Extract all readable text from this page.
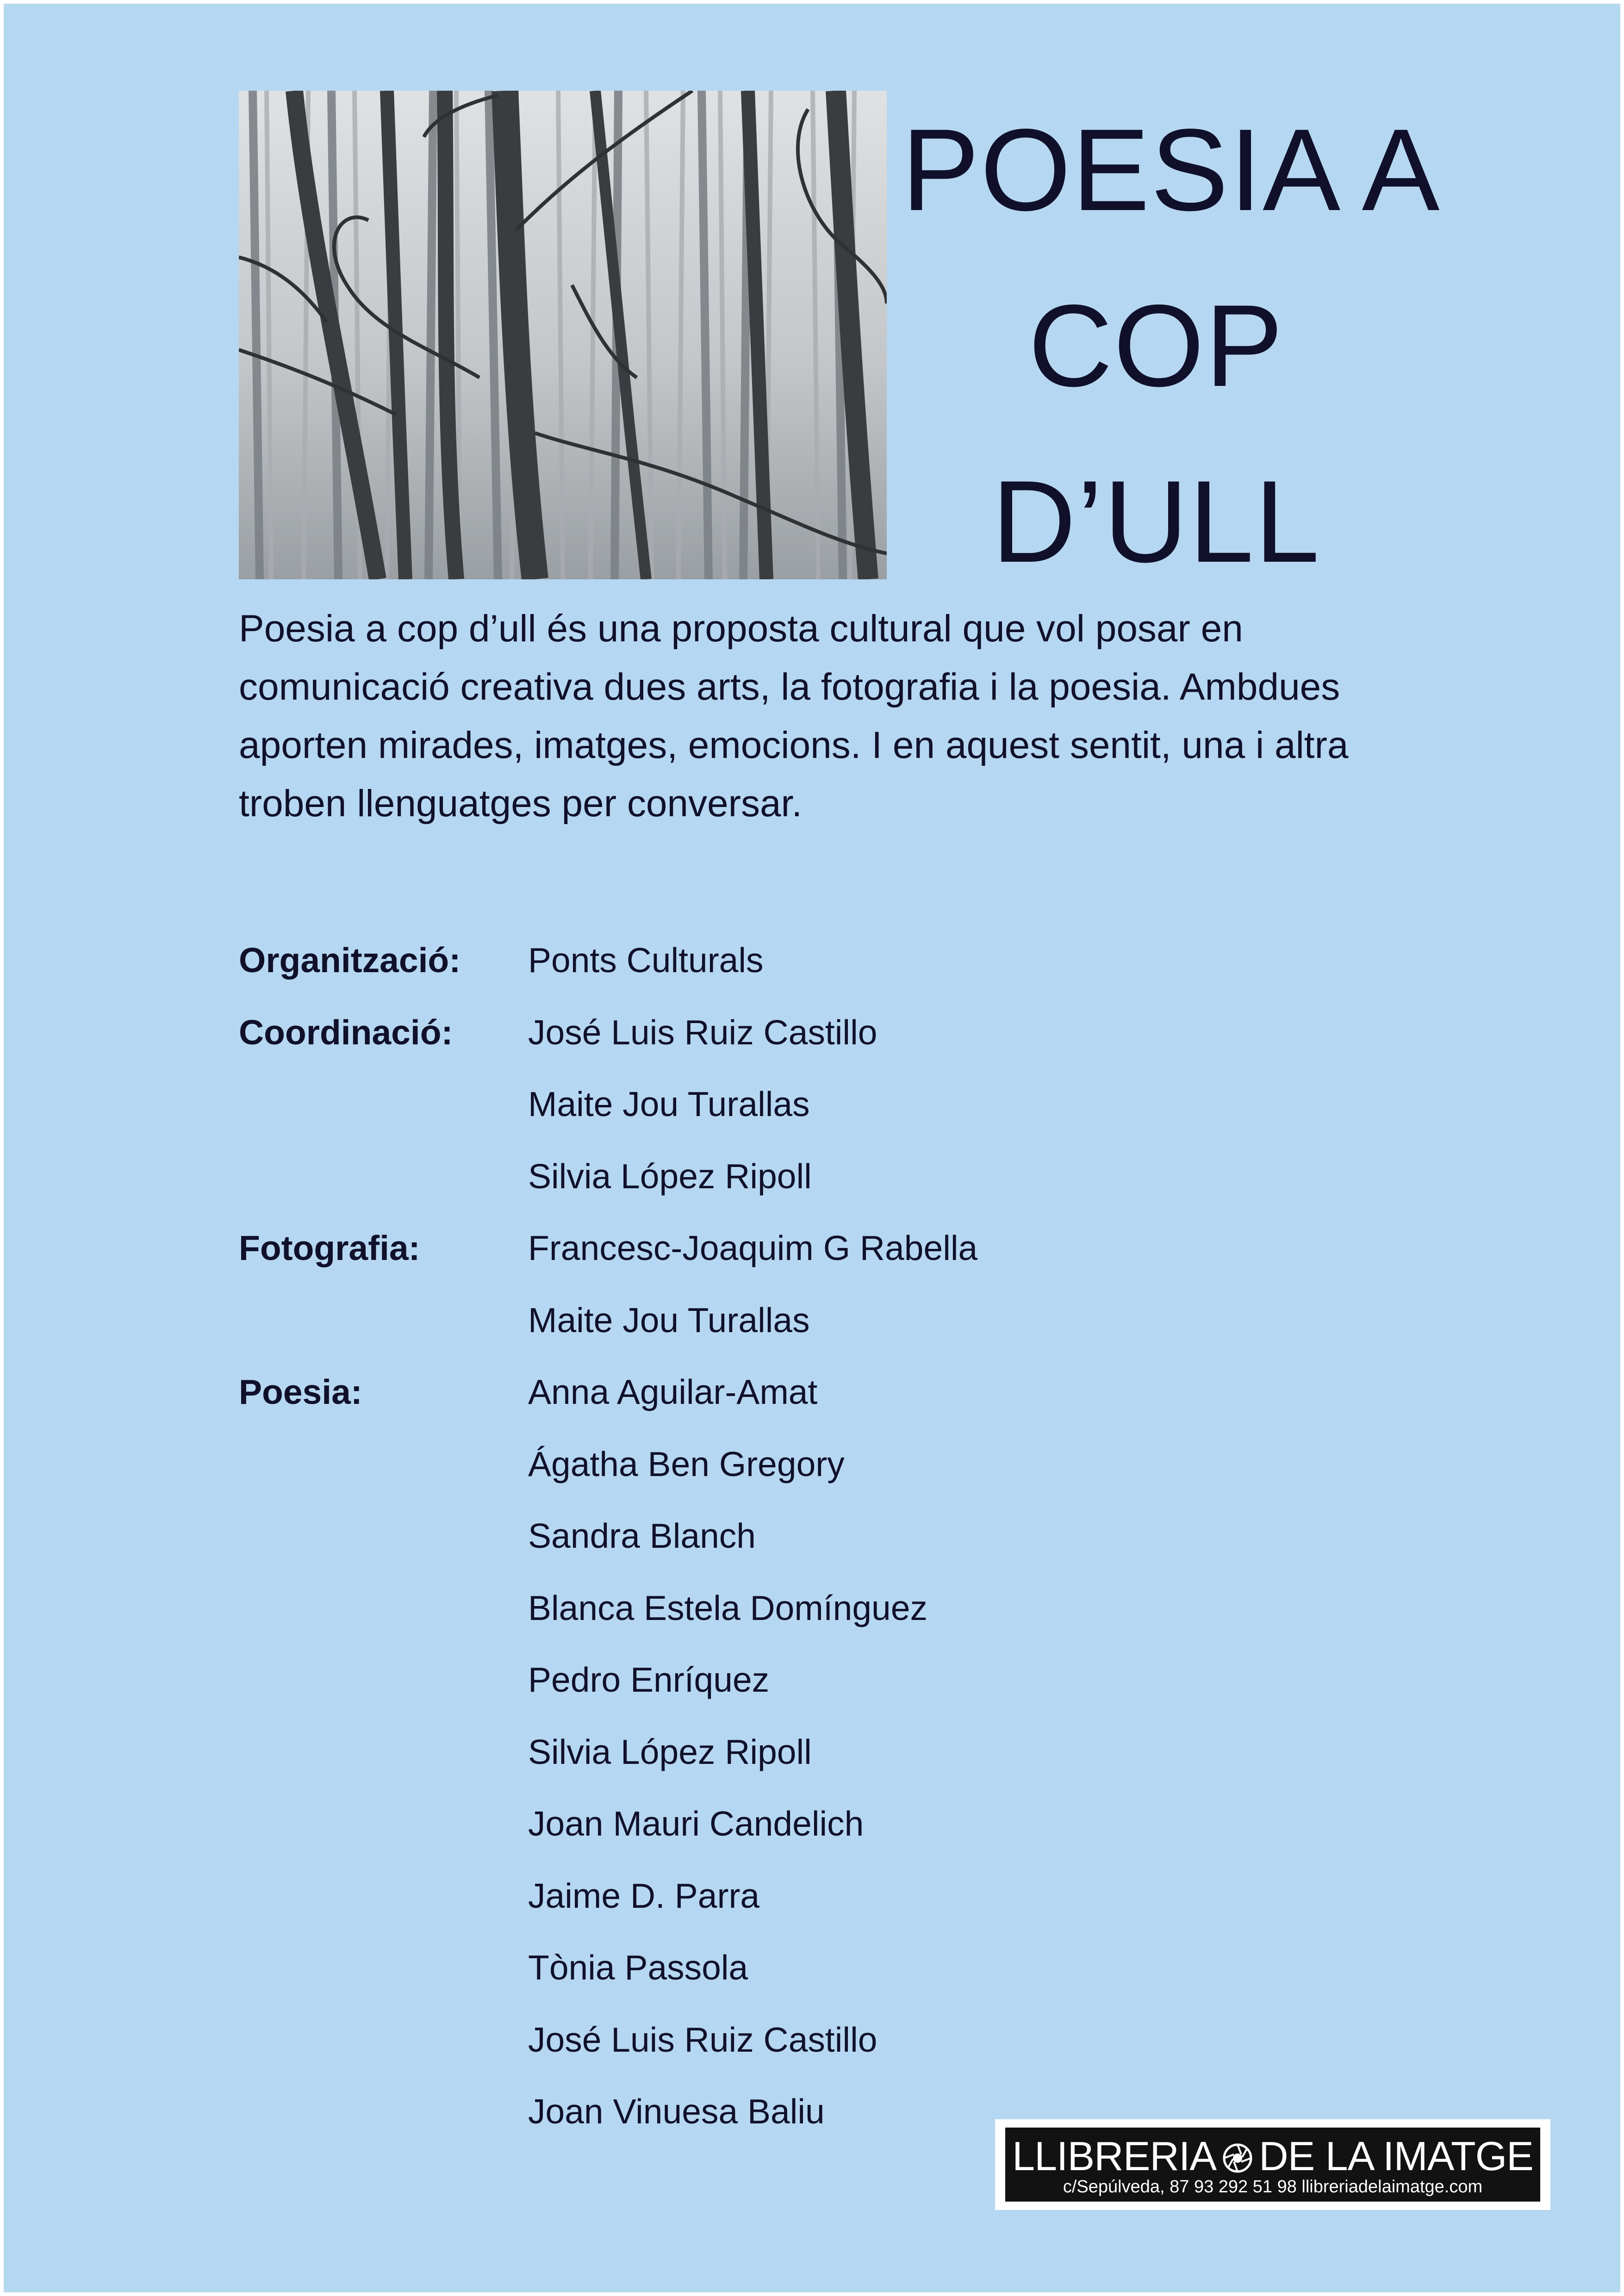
POESIA A
COP
D’ULL
Poesia a cop d’ull és una proposta cultural que vol posar en comunicació creativa dues arts, la fotografia i la poesia. Ambdues aporten mirades, imatges, emocions. I en aquest sentit, una i altra troben llenguatges per conversar.
Organització: Ponts Culturals
Coordinació: José Luis Ruiz Castillo
Maite Jou Turallas
Silvia López Ripoll
Fotografia:	Francesc-Joaquim G Rabella
Maite Jou Turallas
Poesia:	Anna Aguilar-Amat
Ágatha Ben Gregory
Sandra Blanch
Blanca Estela Domínguez
Pedro Enríquez
Silvia López Ripoll
Joan Mauri Candelich
Jaime D. Parra
Tònia Passola
José Luis Ruiz Castillo
Joan Vinuesa Baliu
LLIBRERIA DE LA IMATGE
c/Sepúlveda, 87 93 292 51 98 llibreriadelaimatge.com
